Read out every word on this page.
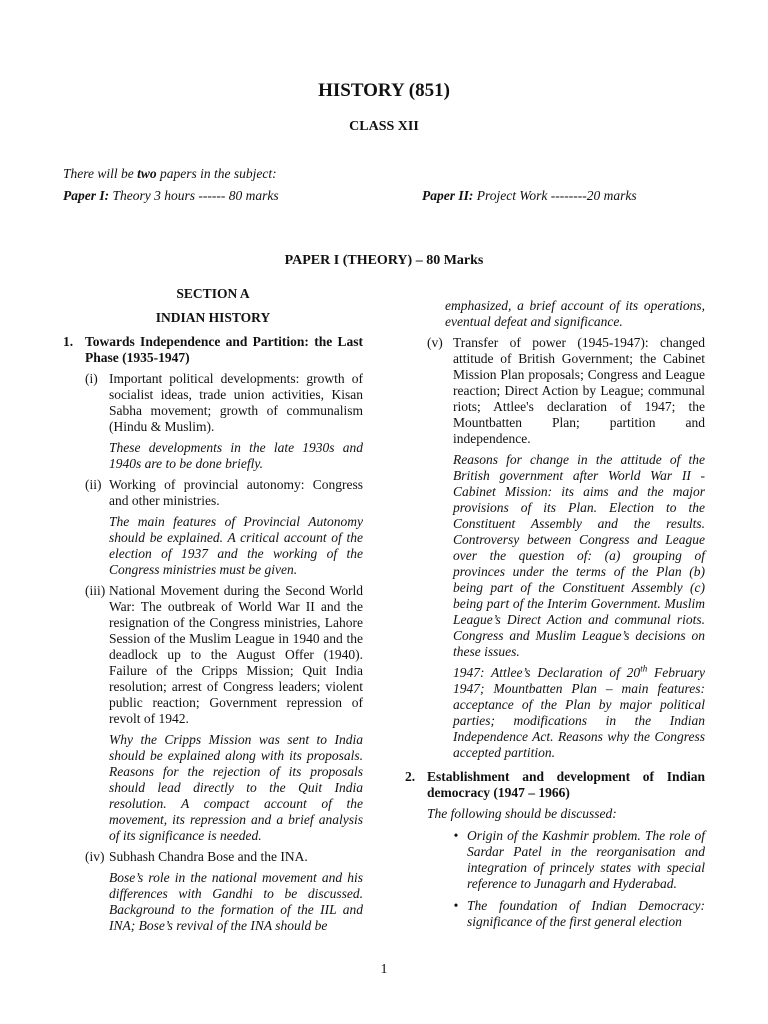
HISTORY (851)
CLASS XII
There will be two papers in the subject:
Paper I: Theory 3 hours ------ 80 marks	Paper II: Project Work --------20 marks
PAPER I (THEORY) – 80 Marks

SECTION A

INDIAN HISTORY

1. Towards Independence and Partition: the Last Phase (1935-1947)
(i) Important political developments: growth of socialist ideas, trade union activities, Kisan Sabha movement; growth of communalism (Hindu & Muslim).

These developments in the late 1930s and 1940s are to be done briefly.

(ii) Working of provincial autonomy: Congress and other ministries.

The main features of Provincial Autonomy should be explained. A critical account of the election of 1937 and the working of the Congress ministries must be given.

(iii) National Movement during the Second World War: The outbreak of World War II and the resignation of the Congress ministries, Lahore Session of the Muslim League in 1940 and the deadlock up to the August Offer (1940). Failure of the Cripps Mission; Quit India resolution; arrest of Congress leaders; violent public reaction; Government repression of revolt of 1942.

Why the Cripps Mission was sent to India should be explained along with its proposals. Reasons for the rejection of its proposals should lead directly to the Quit India resolution. A compact account of the movement, its repression and a brief analysis of its significance is needed.

(iv) Subhash Chandra Bose and the INA.

Bose’s role in the national movement and his differences with Gandhi to be discussed. Background to the formation of the IIL and INA; Bose’s revival of the INA should be

emphasized, a brief account of its operations, eventual defeat and significance.

(v) Transfer of power (1945-1947): changed attitude of British Government; the Cabinet Mission Plan proposals; Congress and League reaction; Direct Action by League; communal riots; Attlee's declaration of 1947; the Mountbatten Plan; partition and independence.

Reasons for change in the attitude of the British government after World War II - Cabinet Mission: its aims and the major provisions of its Plan. Election to the Constituent Assembly and the results. Controversy between Congress and League over the question of: (a) grouping of provinces under the terms of the Plan (b) being part of the Constituent Assembly (c) being part of the Interim Government. Muslim League’s Direct Action and communal riots. Congress and Muslim League’s decisions on these issues.

1947: Attlee’s Declaration of 20th February 1947; Mountbatten Plan – main features: acceptance of the Plan by major political parties; modifications in the Indian Independence Act. Reasons why the Congress accepted partition.

2. Establishment and development of Indian democracy (1947 – 1966)

The following should be discussed:

• Origin of the Kashmir problem. The role of Sardar Patel in the reorganisation and integration of princely states with special reference to Junagarh and Hyderabad.
• The foundation of Indian Democracy: significance of the first general election
1
